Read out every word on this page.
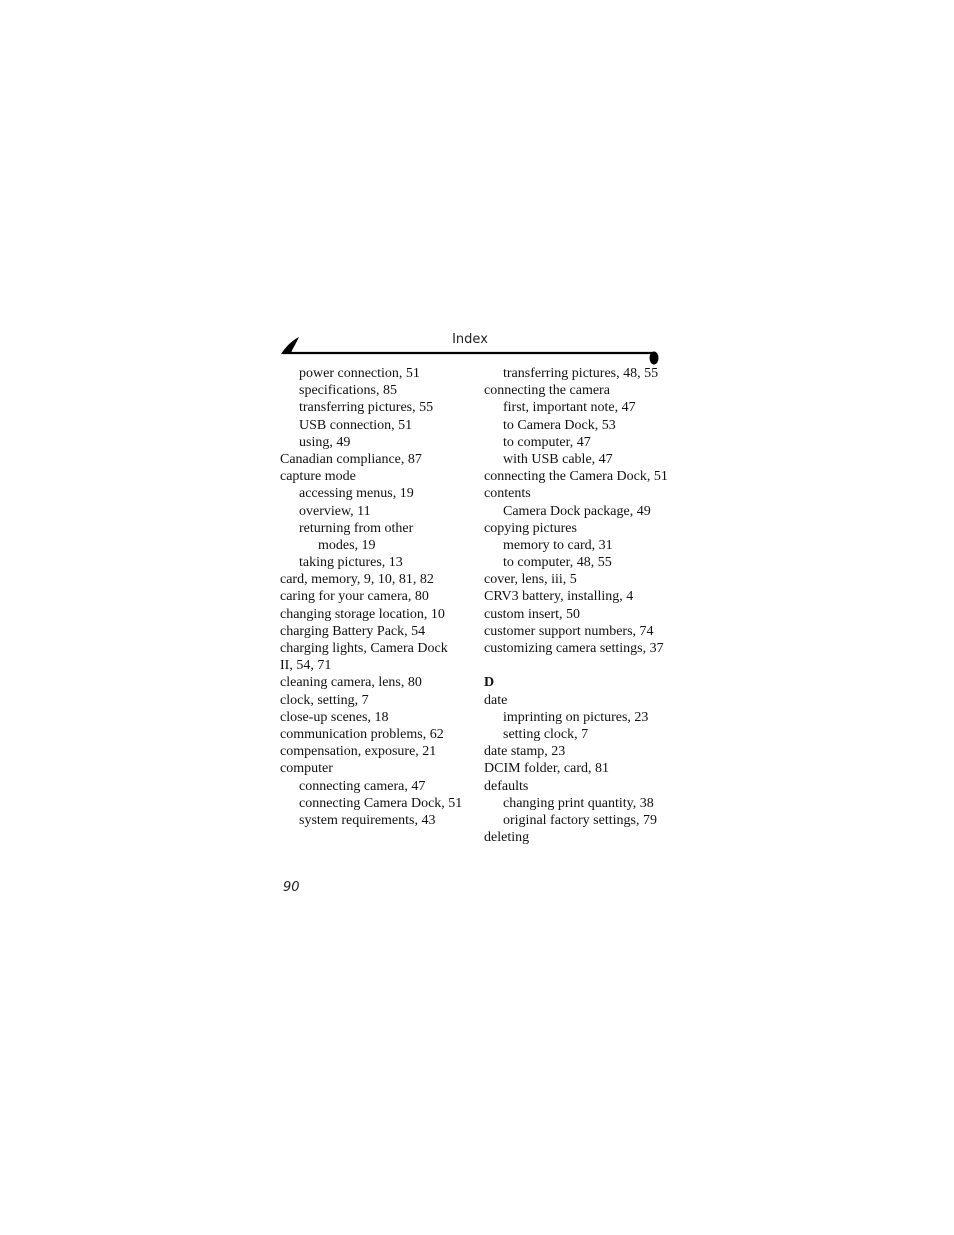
Index
power connection, 51
specifications, 85
transferring pictures, 55
USB connection, 51
using, 49
Canadian compliance, 87
capture mode
accessing menus, 19
overview, 11
returning from other
modes, 19
taking pictures, 13
card, memory, 9, 10, 81, 82
caring for your camera, 80
changing storage location, 10
charging Battery Pack, 54
charging lights, Camera Dock
II, 54, 71
cleaning camera, lens, 80
clock, setting, 7
close-up scenes, 18
communication problems, 62
compensation, exposure, 21
computer
connecting camera, 47
connecting Camera Dock, 51
system requirements, 43
transferring pictures, 48, 55
connecting the camera
first, important note, 47
to Camera Dock, 53
to computer, 47
with USB cable, 47
connecting the Camera Dock, 51
contents
Camera Dock package, 49
copying pictures
memory to card, 31
to computer, 48, 55
cover, lens, iii, 5
CRV3 battery, installing, 4
custom insert, 50
customer support numbers, 74
customizing camera settings, 37
D
date
imprinting on pictures, 23
setting clock, 7
date stamp, 23
DCIM folder, card, 81
defaults
changing print quantity, 38
original factory settings, 79
deleting
90
